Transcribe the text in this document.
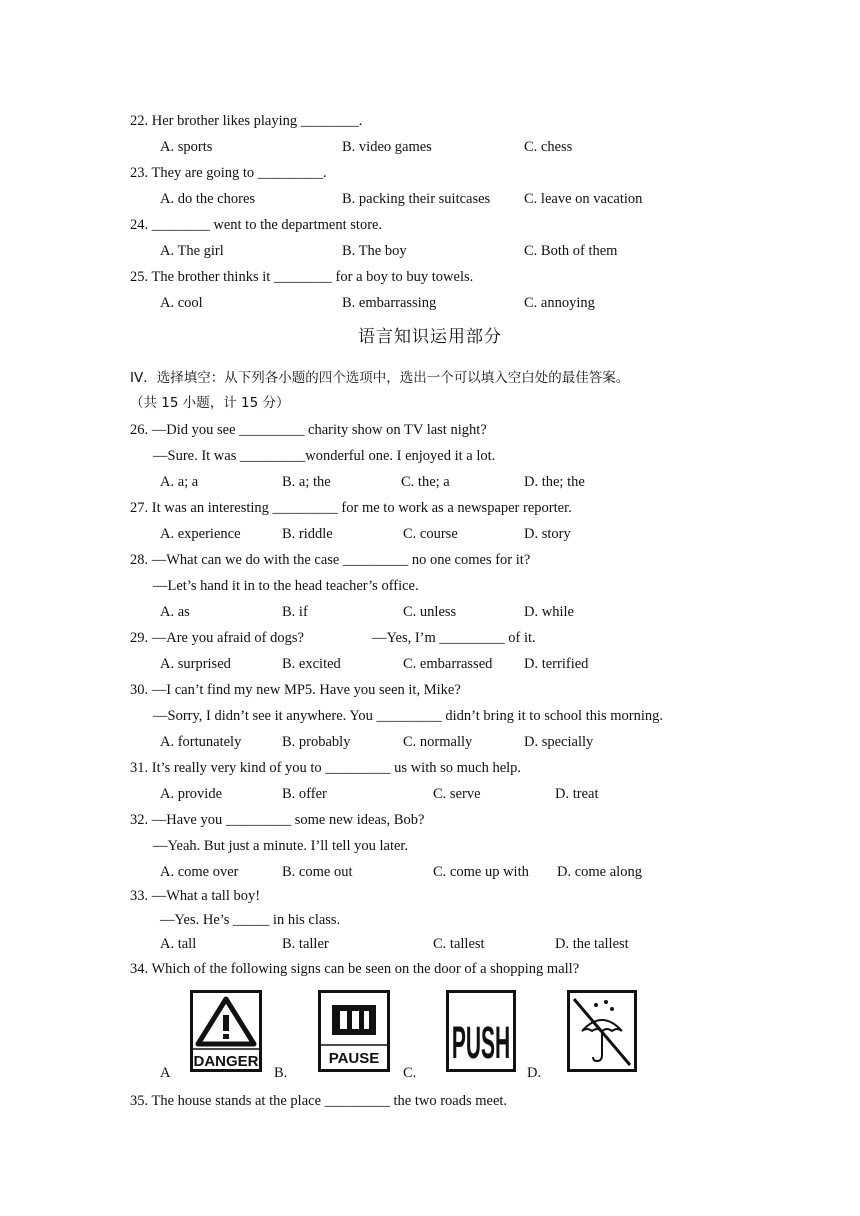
22. Her brother likes playing ________.
A. sports	B. video games	C. chess
23. They are going to _________.
A. do the chores	B. packing their suitcases C. leave on vacation
24. ________ went to the department store.
A. The girl	B. The boy	C. Both of them
25. The brother thinks it ________ for a boy to buy towels.
A. cool	B. embarrassing	C. annoying
语言知识运用部分
IV．选择填空：从下列各小题的四个选项中，选出一个可以填入空白处的最佳答案。
（共 15 小题，计 15 分）
26. —Did you see _________ charity show on TV last night?
—Sure. It was _________wonderful one. I enjoyed it a lot.
A. a; a	B. a; the	C. the; a	D. the; the
27. It was an interesting _________ for me to work as a newspaper reporter.
A. experience	B. riddle	C. course	D. story
28. —What can we do with the case _________ no one comes for it?
—Let’s hand it in to the head teacher’s office.
A. as	B. if	C. unless	D. while
29. —Are you afraid of dogs?	—Yes, I’m _________ of it.
A. surprised	B. excited	C. embarrassed D. terrified
30. —I can’t find my new MP5. Have you seen it, Mike?
—Sorry, I didn’t see it anywhere. You _________ didn’t bring it to school this morning.
A. fortunately	B. probably	C. normally	D. specially
31. It’s really very kind of you to _________ us with so much help.
A. provide	B. offer	C. serve	D. treat
32. —Have you _________ some new ideas, Bob?
—Yeah. But just a minute. I’ll tell you later.
A. come over	B. come out	C. come up with D. come along
33. —What a tall boy!
—Yes. He’s _____ in his class.
A. tall	B. taller	C. tallest	D. the tallest
34. Which of the following signs can be seen on the door of a shopping mall?
A
DANGER
B.
PAUSE
C.
PUSH
D.
35. The house stands at the place _________ the two roads meet.
